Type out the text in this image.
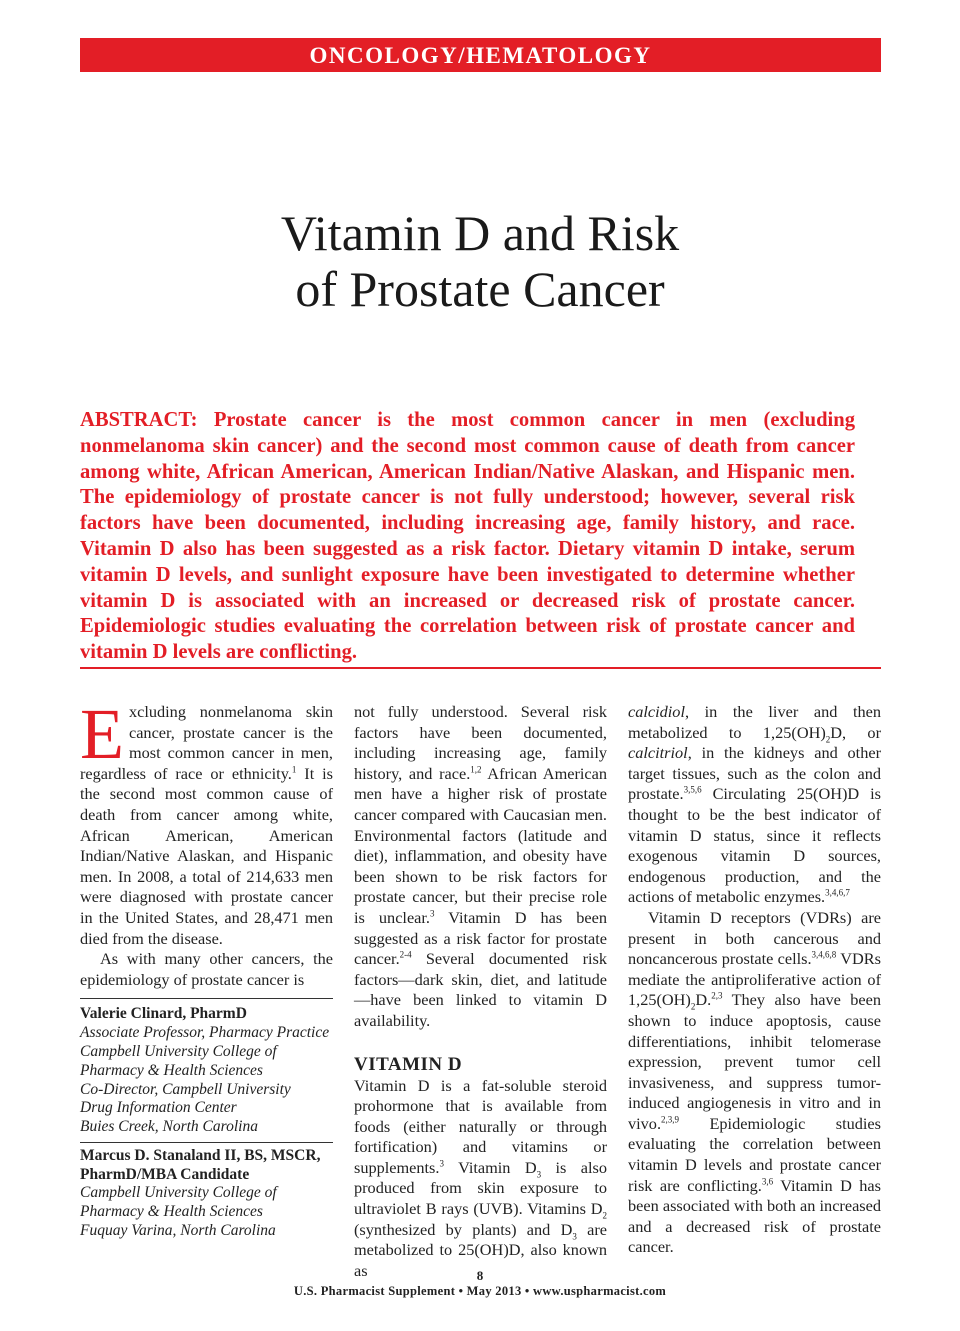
ONCOLOGY/HEMATOLOGY
Vitamin D and Risk
of Prostate Cancer
ABSTRACT: Prostate cancer is the most common cancer in men (excluding nonmelanoma skin cancer) and the second most common cause of death from cancer among white, African American, American Indian/Native Alaskan, and Hispanic men. The epidemiology of prostate cancer is not fully understood; however, several risk factors have been documented, including increasing age, family history, and race. Vitamin D also has been suggested as a risk factor. Dietary vitamin D intake, serum vitamin D levels, and sunlight exposure have been investigated to determine whether vitamin D is associated with an increased or decreased risk of prostate cancer. Epidemiologic studies evaluating the correlation between risk of prostate cancer and vitamin D levels are conflicting.

Excluding nonmelanoma skin cancer, prostate cancer is the most common cancer in men, regardless of race or ethnicity.$^1$ It is the second most common cause of death from cancer among white, African American, American Indian/Native Alaskan, and Hispanic men. In 2008, a total of 214,633 men were diagnosed with prostate cancer in the United States, and 28,471 men died from the disease.

As with many other cancers, the epidemiology of prostate cancer is

Valerie Clinard, PharmD
Associate Professor, Pharmacy Practice
Campbell University College of
Pharmacy & Health Sciences
Co-Director, Campbell University
Drug Information Center
Buies Creek, North Carolina
Marcus D. Stanaland II, BS, MSCR,
PharmD/MBA Candidate
Campbell University College of
Pharmacy & Health Sciences
Fuquay Varina, North Carolina

not fully understood. Several risk factors have been documented, including increasing age, family history, and race.$^{1,2}$ African American men have a higher risk of prostate cancer compared with Caucasian men. Environmental factors (latitude and diet), inflammation, and obesity have been shown to be risk factors for prostate cancer, but their precise role is unclear.$^3$ Vitamin D has been suggested as a risk factor for prostate cancer.$^{2-4}$ Several documented risk factors—dark skin, diet, and latitude—have been linked to vitamin D availability.

VITAMIN D

Vitamin D is a fat-soluble steroid prohormone that is available from foods (either naturally or through fortification) and vitamins or supplements.$^3$ Vitamin $D_3$ is also produced from skin exposure to ultraviolet B rays (UVB). Vitamins $D_2$ (synthesized by plants) and $D_3$ are metabolized to 25(OH)D, also known as

calcidiol, in the liver and then metabolized to $1,25(OH)_2D$, or calcitriol, in the kidneys and other target tissues, such as the colon and prostate.$^{3,5,6}$ Circulating 25(OH)D is thought to be the best indicator of vitamin D status, since it reflects exogenous vitamin D sources, endogenous production, and the actions of metabolic enzymes.$^{3,4,6,7}$

Vitamin D receptors (VDRs) are present in both cancerous and noncancerous prostate cells.$^{3,4,6,8}$ VDRs mediate the antiproliferative action of $1,25(OH)_2D.^{2,3}$ They also have been shown to induce apoptosis, cause differentiations, inhibit telomerase expression, prevent tumor cell invasiveness, and suppress tumor-induced angiogenesis in vitro and in vivo.$^{2,3,9}$ Epidemiologic studies evaluating the correlation between vitamin D levels and prostate cancer risk are conflicting.$^{3,6}$ Vitamin D has been associated with both an increased and a decreased risk of prostate cancer.

8
U.S. Pharmacist Supplement • May 2013 • www.uspharmacist.com
